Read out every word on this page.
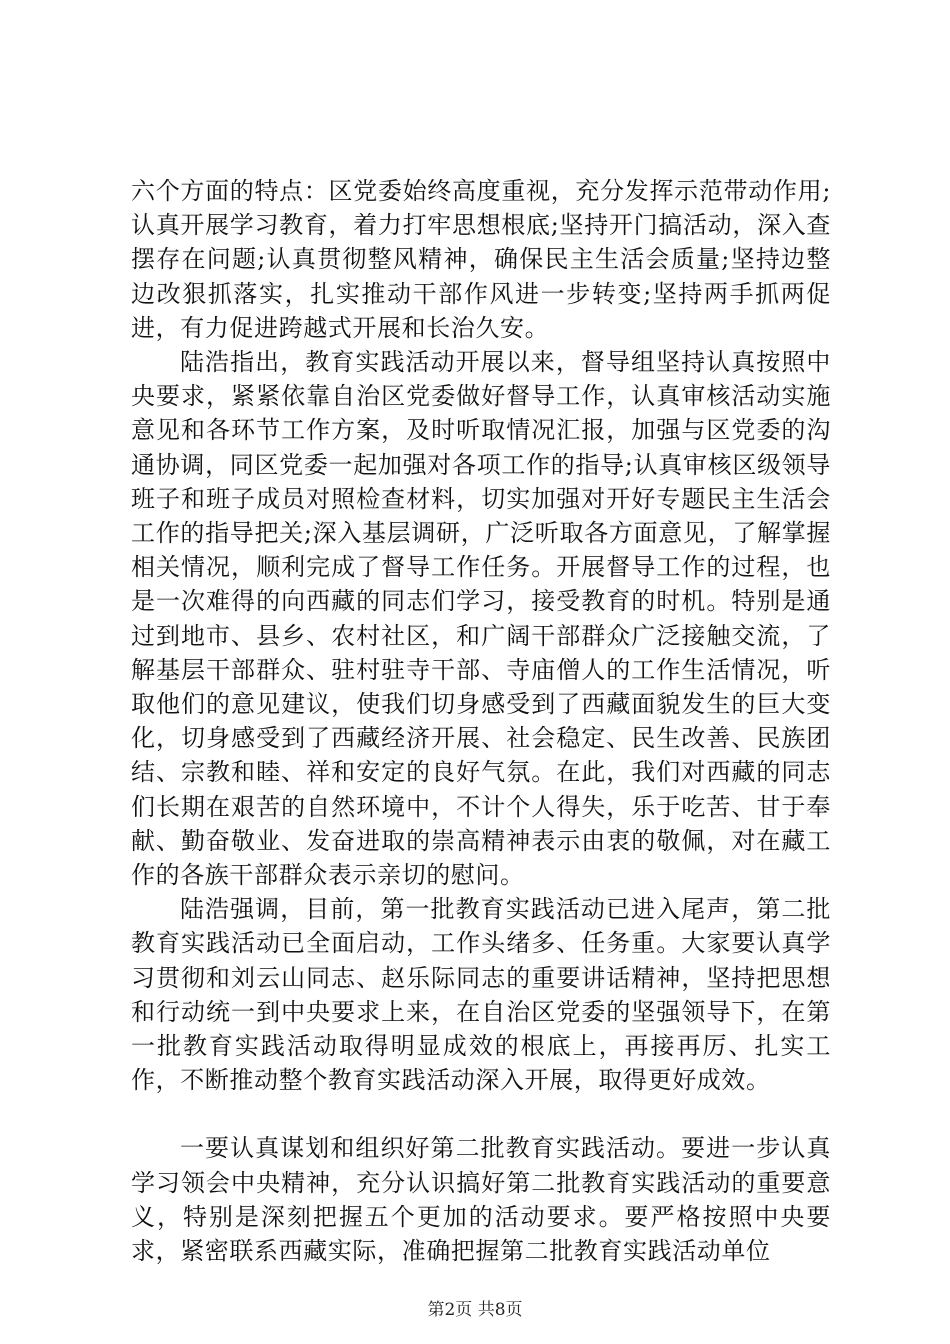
六个方面的特点：区党委始终高度重视，充分发挥示范带动作用;认真开展学习教育，着力打牢思想根底;坚持开门搞活动，深入查摆存在问题;认真贯彻整风精神，确保民主生活会质量;坚持边整边改狠抓落实，扎实推动干部作风进一步转变;坚持两手抓两促进，有力促进跨越式开展和长治久安。

陆浩指出，教育实践活动开展以来，督导组坚持认真按照中央要求，紧紧依靠自治区党委做好督导工作，认真审核活动实施意见和各环节工作方案，及时听取情况汇报，加强与区党委的沟通协调，同区党委一起加强对各项工作的指导;认真审核区级领导班子和班子成员对照检查材料，切实加强对开好专题民主生活会工作的指导把关;深入基层调研，广泛听取各方面意见，了解掌握相关情况，顺利完成了督导工作任务。开展督导工作的过程，也是一次难得的向西藏的同志们学习，接受教育的时机。特别是通过到地市、县乡、农村社区，和广阔干部群众广泛接触交流，了解基层干部群众、驻村驻寺干部、寺庙僧人的工作生活情况，听取他们的意见建议，使我们切身感受到了西藏面貌发生的巨大变化，切身感受到了西藏经济开展、社会稳定、民生改善、民族团结、宗教和睦、祥和安定的良好气氛。在此，我们对西藏的同志们长期在艰苦的自然环境中，不计个人得失，乐于吃苦、甘于奉献、勤奋敬业、发奋进取的崇高精神表示由衷的敬佩，对在藏工作的各族干部群众表示亲切的慰问。

陆浩强调，目前，第一批教育实践活动已进入尾声，第二批教育实践活动已全面启动，工作头绪多、任务重。大家要认真学习贯彻和刘云山同志、赵乐际同志的重要讲话精神，坚持把思想和行动统一到中央要求上来，在自治区党委的坚强领导下，在第一批教育实践活动取得明显成效的根底上，再接再厉、扎实工作，不断推动整个教育实践活动深入开展，取得更好成效。

一要认真谋划和组织好第二批教育实践活动。要进一步认真学习领会中央精神，充分认识搞好第二批教育实践活动的重要意义，特别是深刻把握五个更加的活动要求。要严格按照中央要求，紧密联系西藏实际，准确把握第二批教育实践活动单位

第2页 共8页
